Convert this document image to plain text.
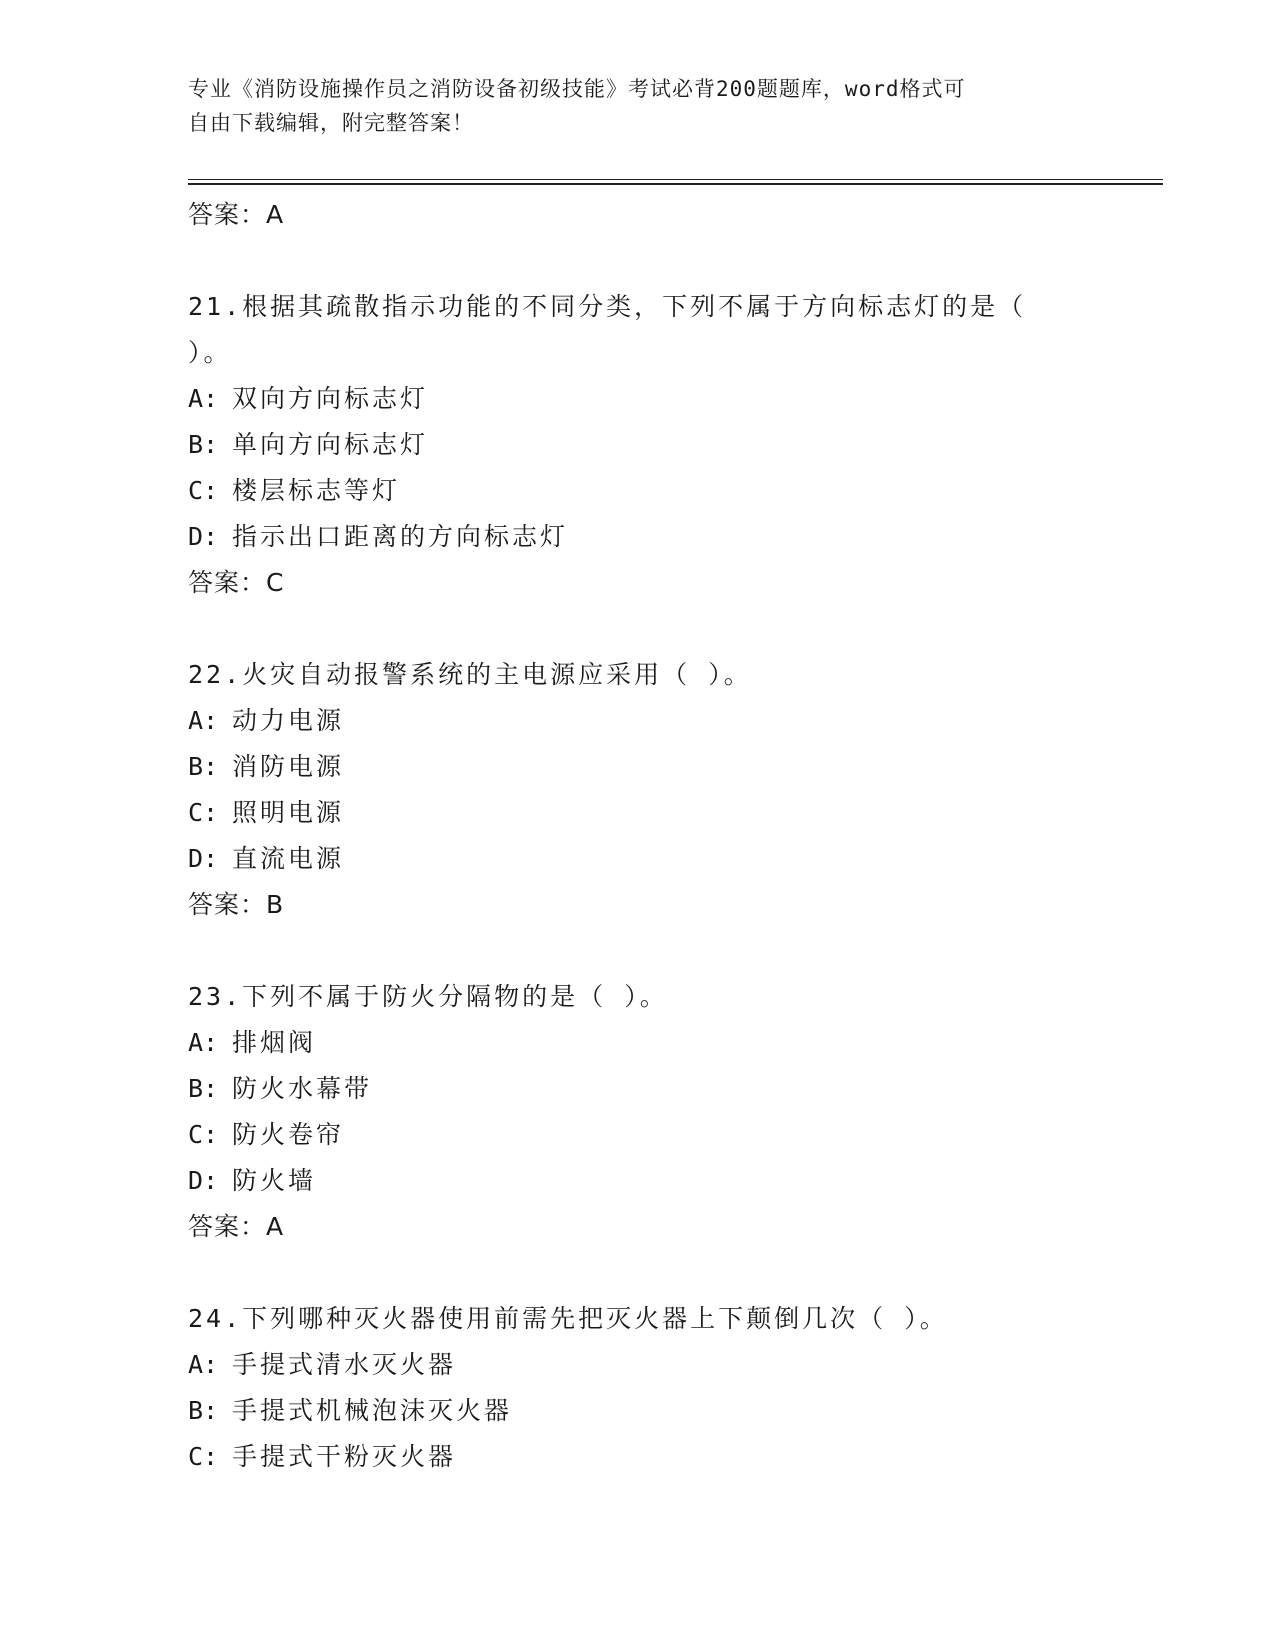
专业《消防设施操作员之消防设备初级技能》考试必背200题题库，word格式可
自由下载编辑，附完整答案！
答案：A
21.根据其疏散指示功能的不同分类，下列不属于方向标志灯的是（ ）。
A: 双向方向标志灯
B: 单向方向标志灯
C: 楼层标志等灯
D: 指示出口距离的方向标志灯
答案：C
22.火灾自动报警系统的主电源应采用（ ）。
A: 动力电源
B: 消防电源
C: 照明电源
D: 直流电源
答案：B
23.下列不属于防火分隔物的是（ ）。
A: 排烟阀
B: 防火水幕带
C: 防火卷帘
D: 防火墙
答案：A
24.下列哪种灭火器使用前需先把灭火器上下颠倒几次（ ）。
A: 手提式清水灭火器
B: 手提式机械泡沫灭火器
C: 手提式干粉灭火器
